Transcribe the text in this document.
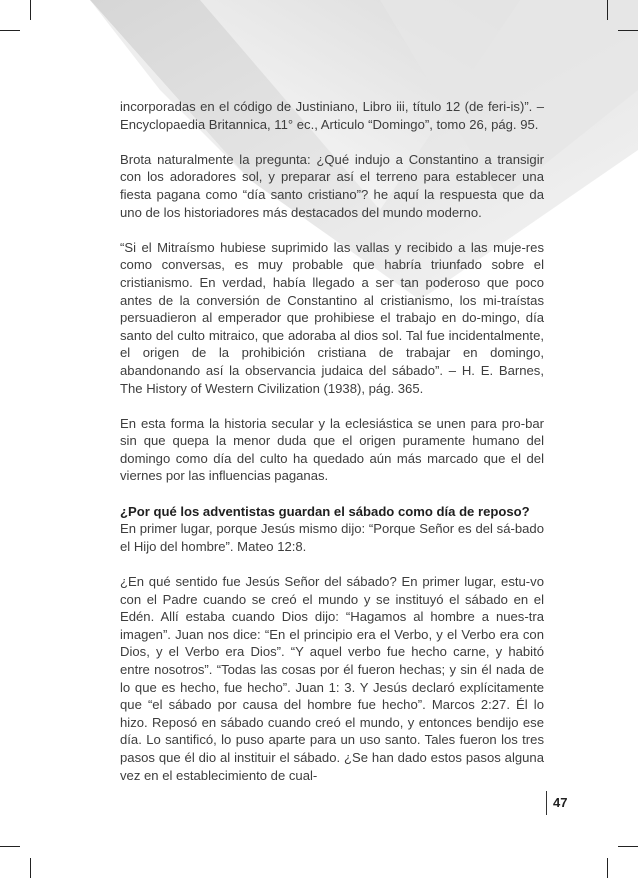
incorporadas en el código de Justiniano, Libro iii, título 12 (de feri-is)”. – Encyclopaedia Britannica, 11° ec., Articulo “Domingo”, tomo 26, pág. 95.

Brota naturalmente la pregunta: ¿Qué indujo a Constantino a transigir con los adoradores sol, y preparar así el terreno para establecer una fiesta pagana como “día santo cristiano”? he aquí la respuesta que da uno de los historiadores más destacados del mundo moderno.

“Si el Mitraísmo hubiese suprimido las vallas y recibido a las muje-res como conversas, es muy probable que habría triunfado sobre el cristianismo. En verdad, había llegado a ser tan poderoso que poco antes de la conversión de Constantino al cristianismo, los mi-traístas persuadieron al emperador que prohibiese el trabajo en do-mingo, día santo del culto mitraico, que adoraba al dios sol. Tal fue incidentalmente, el origen de la prohibición cristiana de trabajar en domingo, abandonando así la observancia judaica del sábado”. – H. E. Barnes, The History of Western Civilization (1938), pág. 365.

En esta forma la historia secular y la eclesiástica se unen para pro-bar sin que quepa la menor duda que el origen puramente humano del domingo como día del culto ha quedado aún más marcado que el del viernes por las influencias paganas.

¿Por qué los adventistas guardan el sábado como día de reposo?

En primer lugar, porque Jesús mismo dijo: “Porque Señor es del sá-bado el Hijo del hombre”. Mateo 12:8.

¿En qué sentido fue Jesús Señor del sábado? En primer lugar, estu-vo con el Padre cuando se creó el mundo y se instituyó el sábado en el Edén. Allí estaba cuando Dios dijo: “Hagamos al hombre a nues-tra imagen”. Juan nos dice: “En el principio era el Verbo, y el Verbo era con Dios, y el Verbo era Dios”. “Y aquel verbo fue hecho carne, y habitó entre nosotros”. “Todas las cosas por él fueron hechas; y sin él nada de lo que es hecho, fue hecho”. Juan 1: 3. Y Jesús declaró explícitamente que “el sábado por causa del hombre fue hecho”. Marcos 2:27. Él lo hizo. Reposó en sábado cuando creó el mundo, y entonces bendijo ese día. Lo santificó, lo puso aparte para un uso santo. Tales fueron los tres pasos que él dio al instituir el sábado. ¿Se han dado estos pasos alguna vez en el establecimiento de cual-

47
